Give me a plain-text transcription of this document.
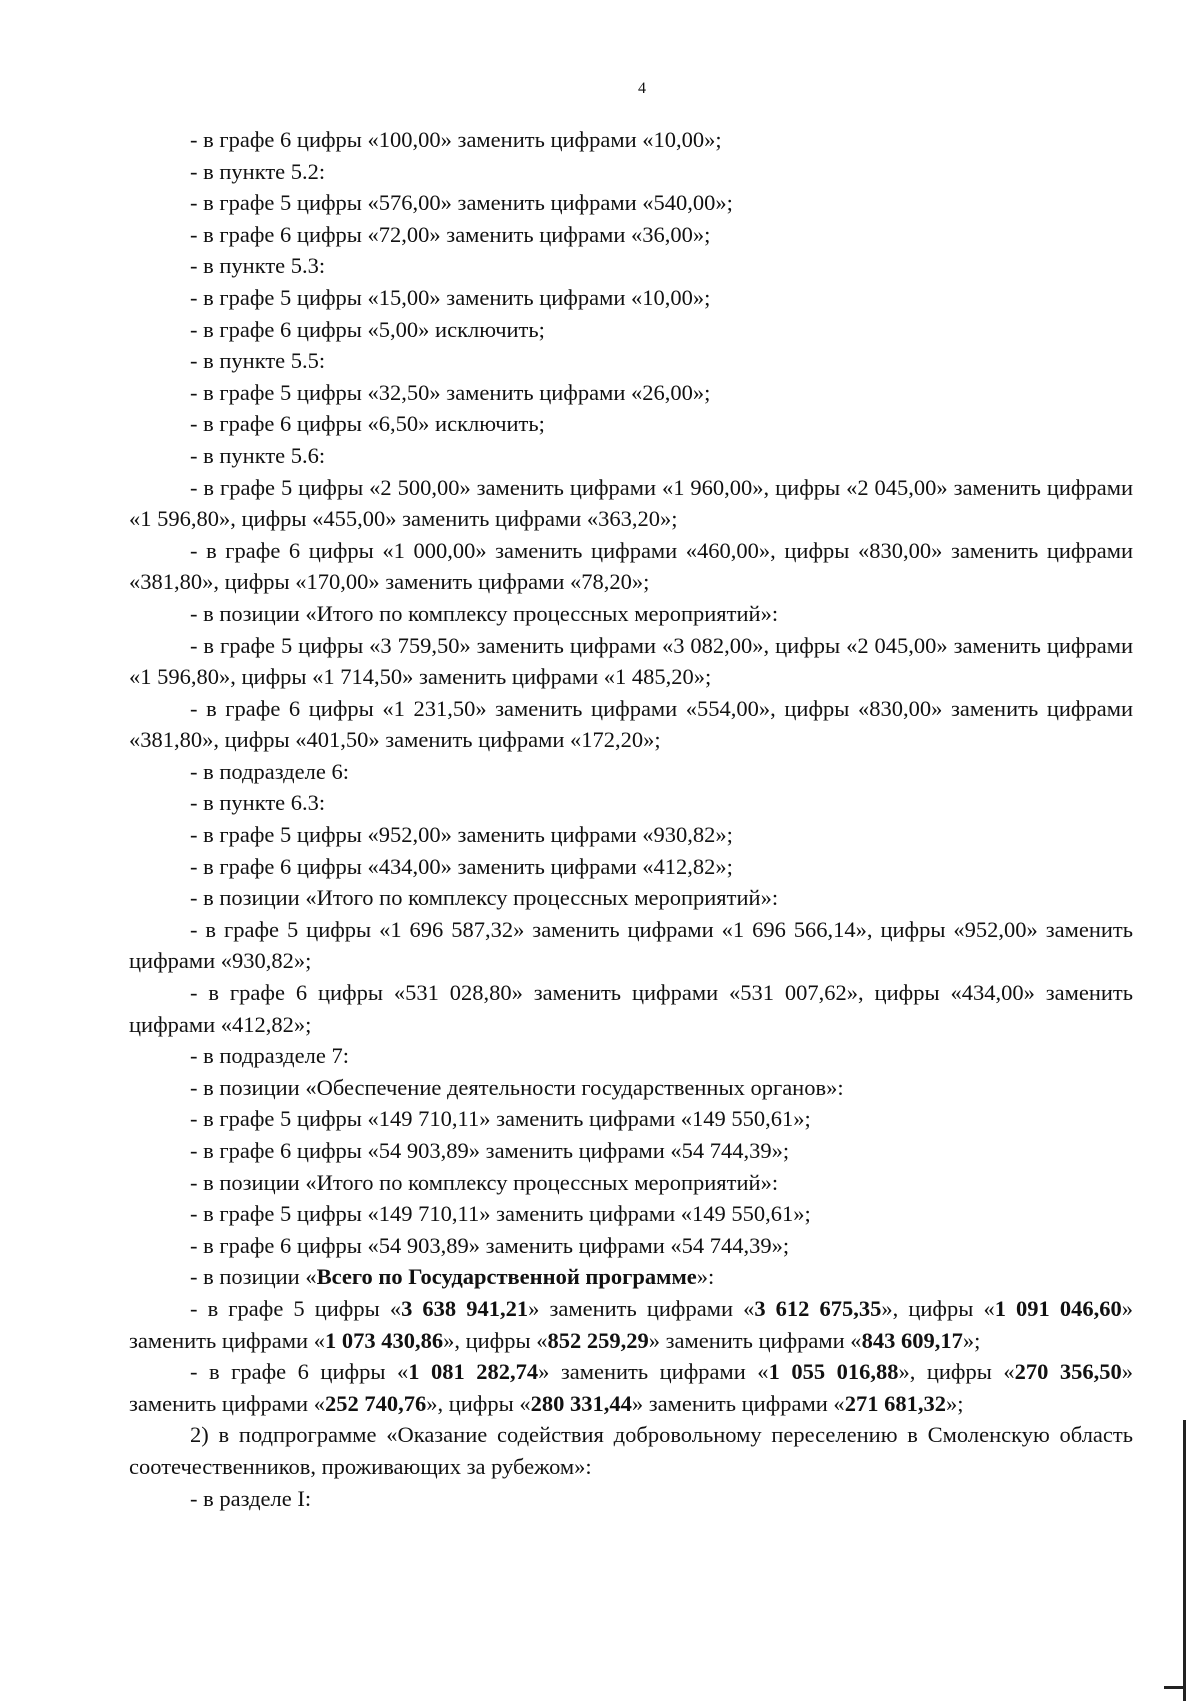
4

- в графе 6 цифры «100,00» заменить цифрами «10,00»;

- в пункте 5.2:

- в графе 5 цифры «576,00» заменить цифрами «540,00»;

- в графе 6 цифры «72,00» заменить цифрами «36,00»;

- в пункте 5.3:

- в графе 5 цифры «15,00» заменить цифрами «10,00»;

- в графе 6 цифры «5,00» исключить;

- в пункте 5.5:

- в графе 5 цифры «32,50» заменить цифрами «26,00»;

- в графе 6 цифры «6,50» исключить;

- в пункте 5.6:

- в графе 5 цифры «2 500,00» заменить цифрами «1 960,00», цифры «2 045,00» заменить цифрами «1 596,80», цифры «455,00» заменить цифрами «363,20»;

- в графе 6 цифры «1 000,00» заменить цифрами «460,00», цифры «830,00» заменить цифрами «381,80», цифры «170,00» заменить цифрами «78,20»;

- в позиции «Итого по комплексу процессных мероприятий»:

- в графе 5 цифры «3 759,50» заменить цифрами «3 082,00», цифры «2 045,00» заменить цифрами «1 596,80», цифры «1 714,50» заменить цифрами «1 485,20»;

- в графе 6 цифры «1 231,50» заменить цифрами «554,00», цифры «830,00» заменить цифрами «381,80», цифры «401,50» заменить цифрами «172,20»;

- в подразделе 6:

- в пункте 6.3:

- в графе 5 цифры «952,00» заменить цифрами «930,82»;

- в графе 6 цифры «434,00» заменить цифрами «412,82»;

- в позиции «Итого по комплексу процессных мероприятий»:

- в графе 5 цифры «1 696 587,32» заменить цифрами «1 696 566,14», цифры «952,00» заменить цифрами «930,82»;

- в графе 6 цифры «531 028,80» заменить цифрами «531 007,62», цифры «434,00» заменить цифрами «412,82»;

- в подразделе 7:

- в позиции «Обеспечение деятельности государственных органов»:

- в графе 5 цифры «149 710,11» заменить цифрами «149 550,61»;

- в графе 6 цифры «54 903,89» заменить цифрами «54 744,39»;

- в позиции «Итого по комплексу процессных мероприятий»:

- в графе 5 цифры «149 710,11» заменить цифрами «149 550,61»;

- в графе 6 цифры «54 903,89» заменить цифрами «54 744,39»;

- в позиции «Всего по Государственной программе»:

- в графе 5 цифры «3 638 941,21» заменить цифрами «3 612 675,35», цифры «1 091 046,60» заменить цифрами «1 073 430,86», цифры «852 259,29» заменить цифрами «843 609,17»;

- в графе 6 цифры «1 081 282,74» заменить цифрами «1 055 016,88», цифры «270 356,50» заменить цифрами «252 740,76», цифры «280 331,44» заменить цифрами «271 681,32»;

2) в подпрограмме «Оказание содействия добровольному переселению в Смоленскую область соотечественников, проживающих за рубежом»:

- в разделе I:
